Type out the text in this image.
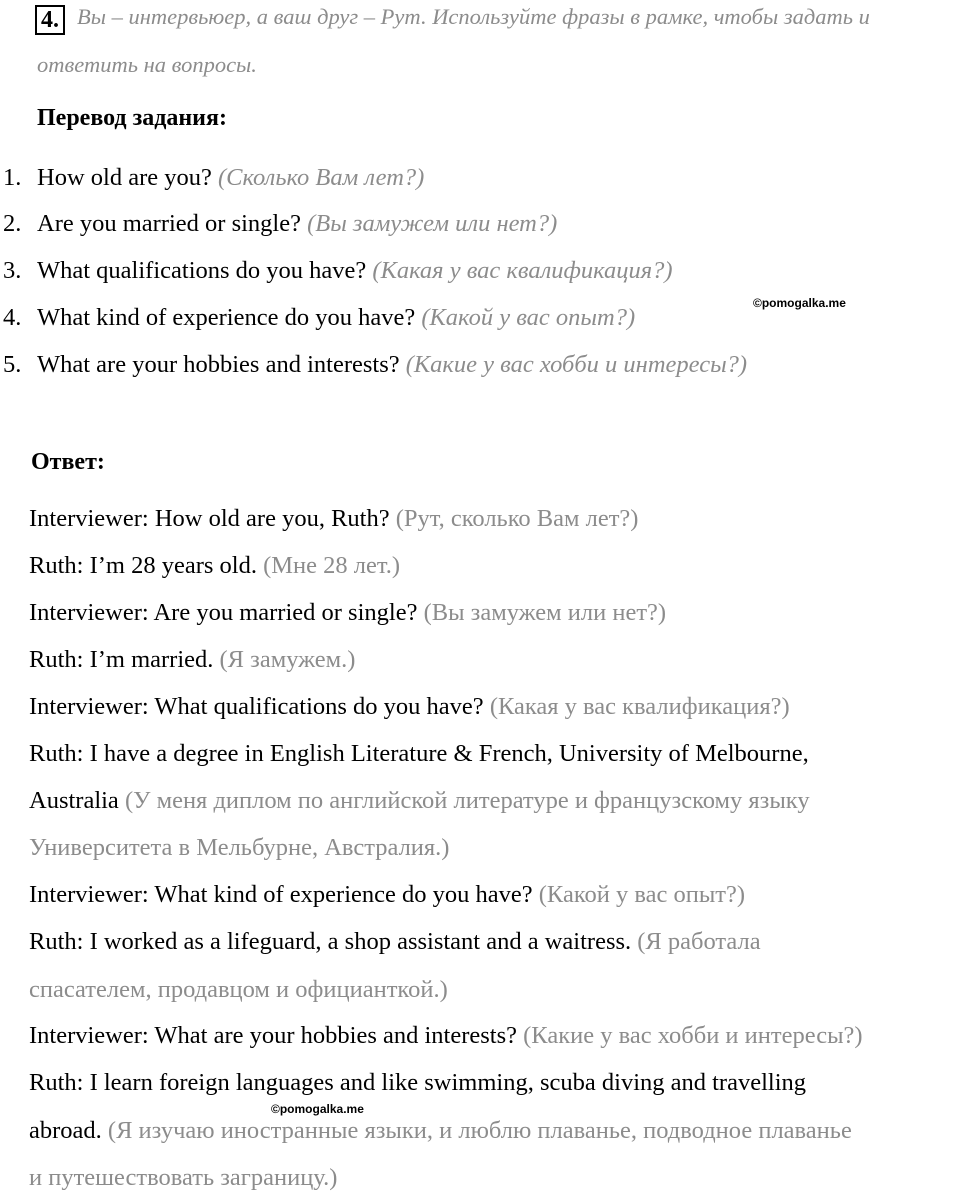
4. Вы – интервьюер, а ваш друг – Рут. Используйте фразы в рамке, чтобы задать и
ответить на вопросы.
Перевод задания:
1. How old are you? (Сколько Вам лет?)
2. Are you married or single? (Вы замужем или нет?)
3. What qualifications do you have? (Какая у вас квалификация?)
4. What kind of experience do you have? (Какой у вас опыт?)
5. What are your hobbies and interests? (Какие у вас хобби и интересы?)
©pomogalka.me
Ответ:
Interviewer: How old are you, Ruth? (Рут, сколько Вам лет?)
Ruth: I’m 28 years old. (Мне 28 лет.)
Interviewer: Are you married or single? (Вы замужем или нет?)
Ruth: I’m married. (Я замужем.)
Interviewer: What qualifications do you have? (Какая у вас квалификация?)
Ruth: I have a degree in English Literature & French, University of Melbourne,
Australia (У меня диплом по английской литературе и французскому языку
Университета в Мельбурне, Австралия.)
Interviewer: What kind of experience do you have? (Какой у вас опыт?)
Ruth: I worked as a lifeguard, a shop assistant and a waitress. (Я работала
спасателем, продавцом и официанткой.)
Interviewer: What are your hobbies and interests? (Какие у вас хобби и интересы?)
Ruth: I learn foreign languages and like swimming, scuba diving and travelling
abroad. (Я изучаю иностранные языки, и люблю плаванье, подводное плаванье
и путешествовать заграницу.)
©pomogalka.me
